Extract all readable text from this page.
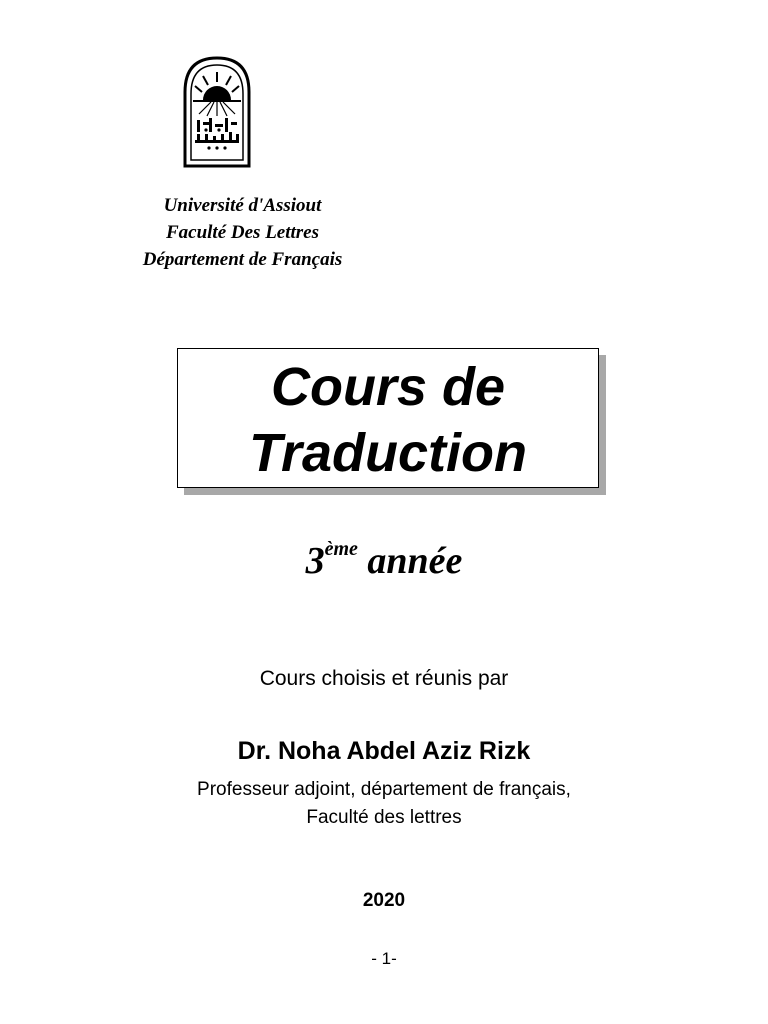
Université d'Assiout
Faculté Des Lettres
Département de Français
Cours de
Traduction
3ème année
Cours choisis et réunis par
Dr. Noha Abdel Aziz Rizk
Professeur adjoint, département de français,
Faculté des lettres
2020
- 1-
